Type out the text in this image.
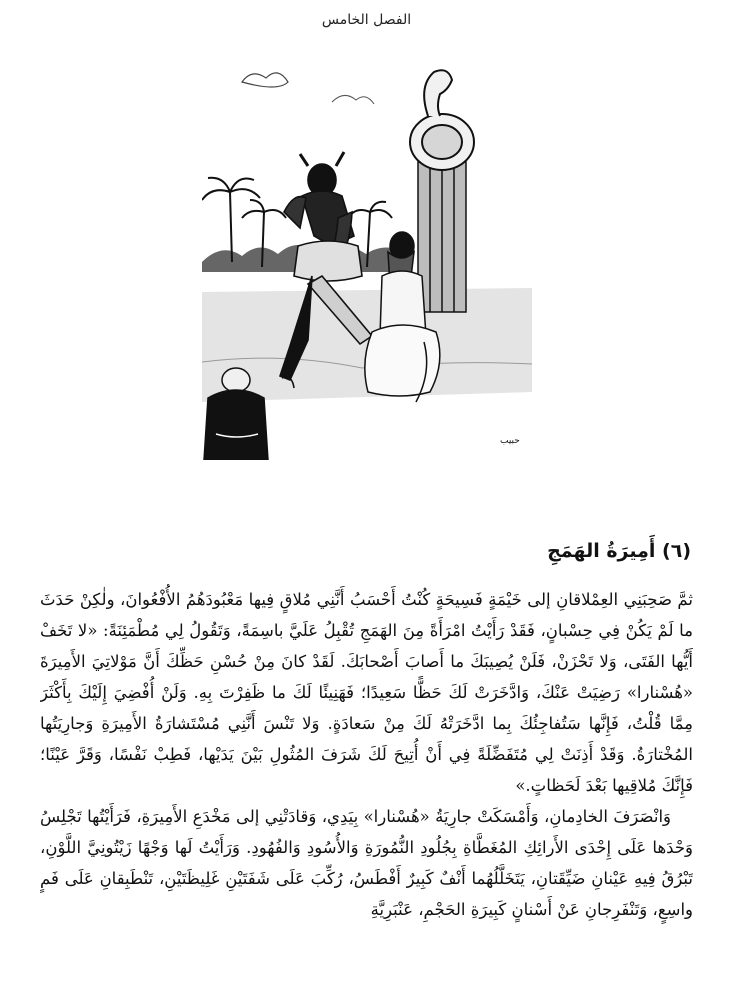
الفصل الخامس
حبيب
(٦) أَمِيرَةُ الهَمَجِ

ثمَّ صَحِبَنِي العِمْلاقانِ إلى خَيْمَةٍ فَسِيحَةٍ كُنْتُ أَحْسَبُ أَنَّنِي مُلاقٍ فِيها مَعْبُودَهُمُ الأُفْعُوانَ، ولٰكِنْ حَدَثَ ما لَمْ يَكُنْ فِي حِسْبانٍ، فَقَدْ رَأَيْتُ امْرَأَةً مِنَ الهَمَجِ تُقْبِلُ عَلَيَّ باسِمَةً، وَتَقُولُ لِي مُطْمَئِنَةً: «لا تَخَفْ أَيُّها الفَتَى، وَلا تَحْزَنْ، فَلَنْ يُصِيبَكَ ما أَصابَ أَصْحابَكَ. لَقَدْ كانَ مِنْ حُسْنِ حَظِّكَ أَنَّ مَوْلاتِيَ الأَمِيرَةَ «هُسْنارا» رَضِيَتْ عَنْكَ، وَادَّخَرَتْ لَكَ حَظًّا سَعِيدًا؛ فَهَنِيئًا لَكَ ما ظَفِرْتَ بِهِ. وَلَنْ أُفْضِيَ إِلَيْكَ بِأَكْثَرَ مِمَّا قُلْتُ، فَإِنَّها سَتُفاجِئُكَ بِما ادَّخَرَتْهُ لَكَ مِنْ سَعادَةٍ. وَلا تَنْسَ أَنَّنِي مُسْتَشارَةُ الأَمِيرَةِ وَجارِيَتُها المُخْتارَةُ. وَقَدْ أَذِنَتْ لِي مُتَفَضِّلَةً فِي أَنْ أُتِيحَ لَكَ شَرَفَ المُثُولِ بَيْنَ يَدَيْها، فَطِبْ نَفْسًا، وَقَرَّ عَيْنًا؛ فَإِنَّكَ مُلاقِيها بَعْدَ لَحَظاتٍ.»

وَانْصَرَفَ الخادِمانِ، وَأَمْسَكَتْ جارِيَةُ «هُسْنارا» بِيَدِي، وَقادَتْنِي إلى مَخْدَعِ الأَمِيرَةِ، فَرَأَيْتُها تَجْلِسُ وَحْدَها عَلَى إِحْدَى الأَرائِكِ المُغَطَّاةِ بِجُلُودِ النُّمُورَةِ وَالأُسُودِ وَالفُهُودِ. وَرَأَيْتُ لَها وَجْهًا زَيْتُونِيَّ اللَّوْنِ، تَبْرُقُ فِيهِ عَيْنانِ ضَيِّقَتانِ، يَتَخَلَّلُهُما أَنْفٌ كَبِيرٌ أَفْطَسُ، رُكِّبَ عَلَى شَفَتَيْنِ غَلِيظَتَيْنِ، تَنْطَبِقانِ عَلَى فَمٍ واسِعٍ، وَتَنْفَرِجانِ عَنْ أَسْنانٍ كَبِيرَةِ الحَجْمِ، عَنْبَرِيَّةِ
